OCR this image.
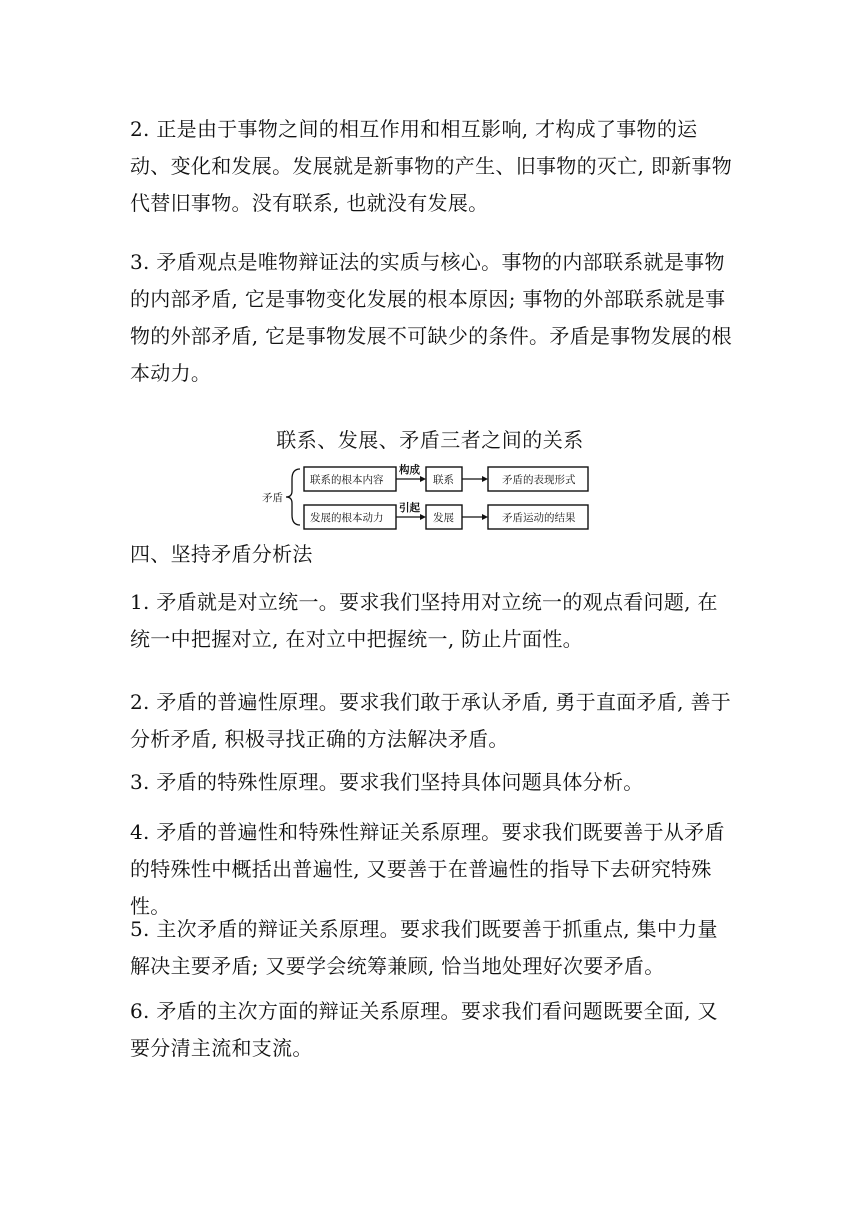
2. 正是由于事物之间的相互作用和相互影响, 才构成了事物的运动、变化和发展。发展就是新事物的产生、旧事物的灭亡, 即新事物代替旧事物。没有联系, 也就没有发展。

3. 矛盾观点是唯物辩证法的实质与核心。事物的内部联系就是事物的内部矛盾, 它是事物变化发展的根本原因; 事物的外部联系就是事物的外部矛盾, 它是事物发展不可缺少的条件。矛盾是事物发展的根本动力。

联系、发展、矛盾三者之间的关系
矛盾
联系的根本内容
构成
联系	矛盾的表现形式
发展的根本动力
引起
发展	矛盾运动的结果
四、坚持矛盾分析法

1. 矛盾就是对立统一。要求我们坚持用对立统一的观点看问题, 在统一中把握对立, 在对立中把握统一, 防止片面性。

2. 矛盾的普遍性原理。要求我们敢于承认矛盾, 勇于直面矛盾, 善于分析矛盾, 积极寻找正确的方法解决矛盾。

3. 矛盾的特殊性原理。要求我们坚持具体问题具体分析。

4. 矛盾的普遍性和特殊性辩证关系原理。要求我们既要善于从矛盾的特殊性中概括出普遍性, 又要善于在普遍性的指导下去研究特殊性。

5. 主次矛盾的辩证关系原理。要求我们既要善于抓重点, 集中力量解决主要矛盾; 又要学会统筹兼顾, 恰当地处理好次要矛盾。

6. 矛盾的主次方面的辩证关系原理。要求我们看问题既要全面, 又要分清主流和支流。
